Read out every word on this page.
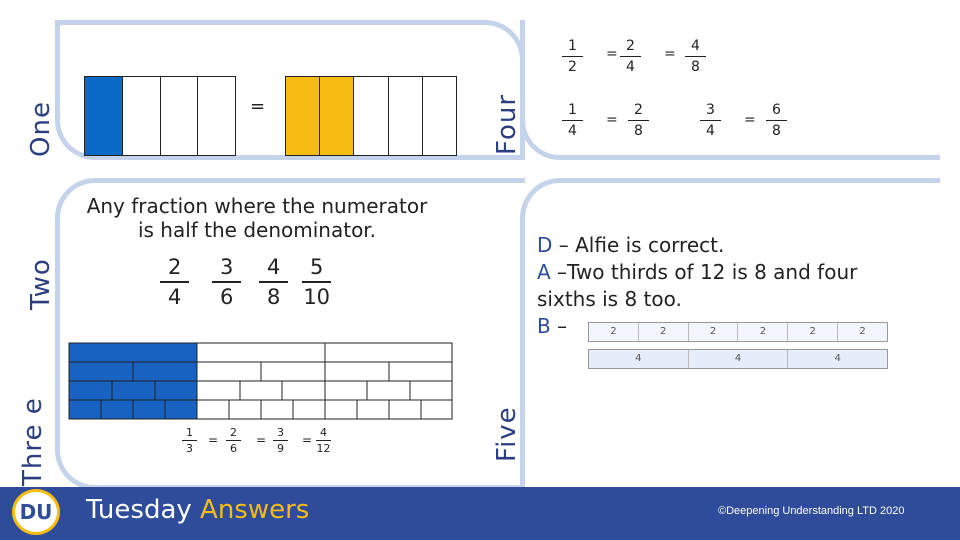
One
Two
Thre e
Four
Five
=
Any fraction where the numerator
is half the denominator.
$\frac{2}{4} \frac{3}{6} \frac{4}{8} \frac{5}{10}$
$\frac{1}{3} = \frac{2}{6} = \frac{3}{9} = \frac{4}{12}$
$\frac{1}{2} = \frac{2}{4} = \frac{4}{8}$
$\frac{1}{4} = \frac{2}{8}$	$\frac{3}{4} = \frac{6}{8}$
D – Alfie is correct.
A –Two thirds of 12 is 8 and four
sixths is 8 too.
B –	2	2	2	2	2	2
4	4	4
DU Tuesday Answers	©Deepening Understanding LTD 2020
